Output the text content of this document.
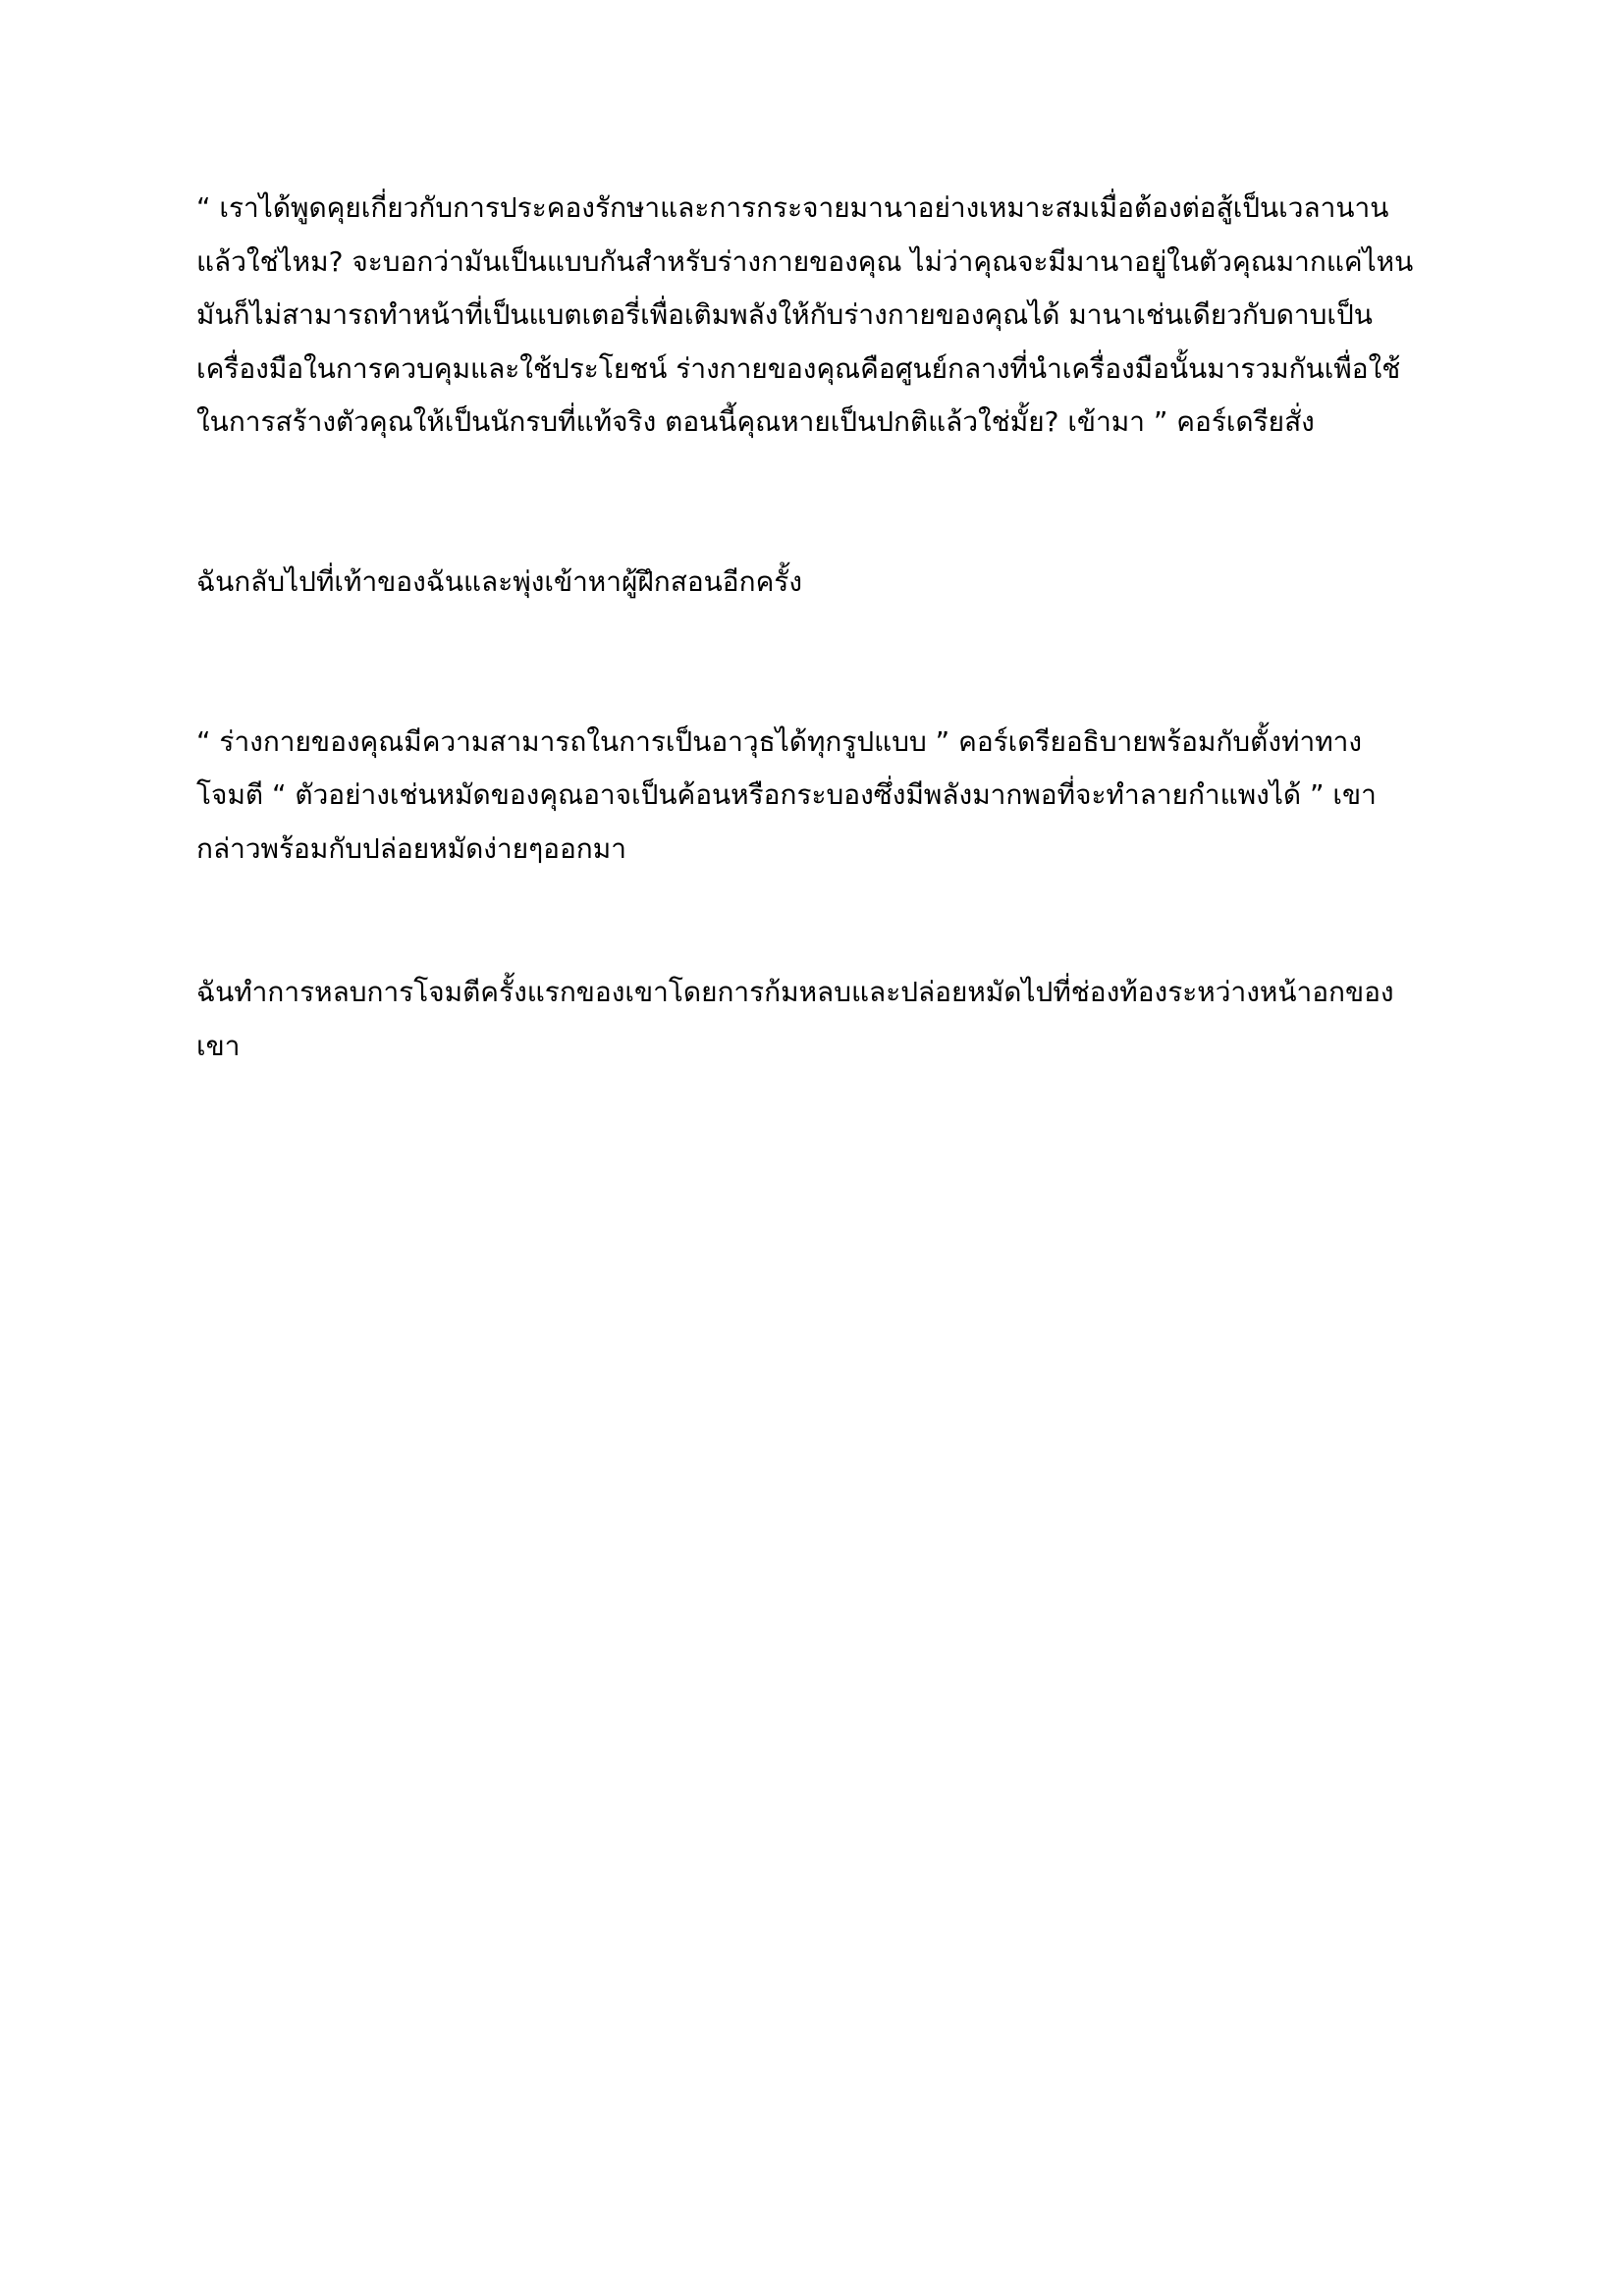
“ เราได้พูดคุยเกี่ยวกับการประคองรักษาและการกระจายมานาอย่างเหมาะสมเมื่อต้องต่อสู้เป็นเวลานานแล้วใช่ไหม? จะบอกว่ามันเป็นแบบกันสำหรับร่างกายของคุณ ไม่ว่าคุณจะมีมานาอยู่ในตัวคุณมากแค่ไหนมันก็ไม่สามารถทำหน้าที่เป็นแบตเตอรี่เพื่อเติมพลังให้กับร่างกายของคุณได้ มานาเช่นเดียวกับดาบเป็นเครื่องมือในการควบคุมและใช้ประโยชน์ ร่างกายของคุณคือศูนย์กลางที่นำเครื่องมือนั้นมารวมกันเพื่อใช้ในการสร้างตัวคุณให้เป็นนักรบที่แท้จริง ตอนนี้คุณหายเป็นปกติแล้วใช่มั้ย? เข้ามา ” คอร์เดรียสั่ง

ฉันกลับไปที่เท้าของฉันและพุ่งเข้าหาผู้ฝึกสอนอีกครั้ง

“ ร่างกายของคุณมีความสามารถในการเป็นอาวุธได้ทุกรูปแบบ ” คอร์เดรียอธิบายพร้อมกับตั้งท่าทางโจมตี “ ตัวอย่างเช่นหมัดของคุณอาจเป็นค้อนหรือกระบองซึ่งมีพลังมากพอที่จะทำลายกำแพงได้ ” เขากล่าวพร้อมกับปล่อยหมัดง่ายๆออกมา

ฉันทำการหลบการโจมตีครั้งแรกของเขาโดยการก้มหลบและปล่อยหมัดไปที่ช่องท้องระหว่างหน้าอกของเขา
